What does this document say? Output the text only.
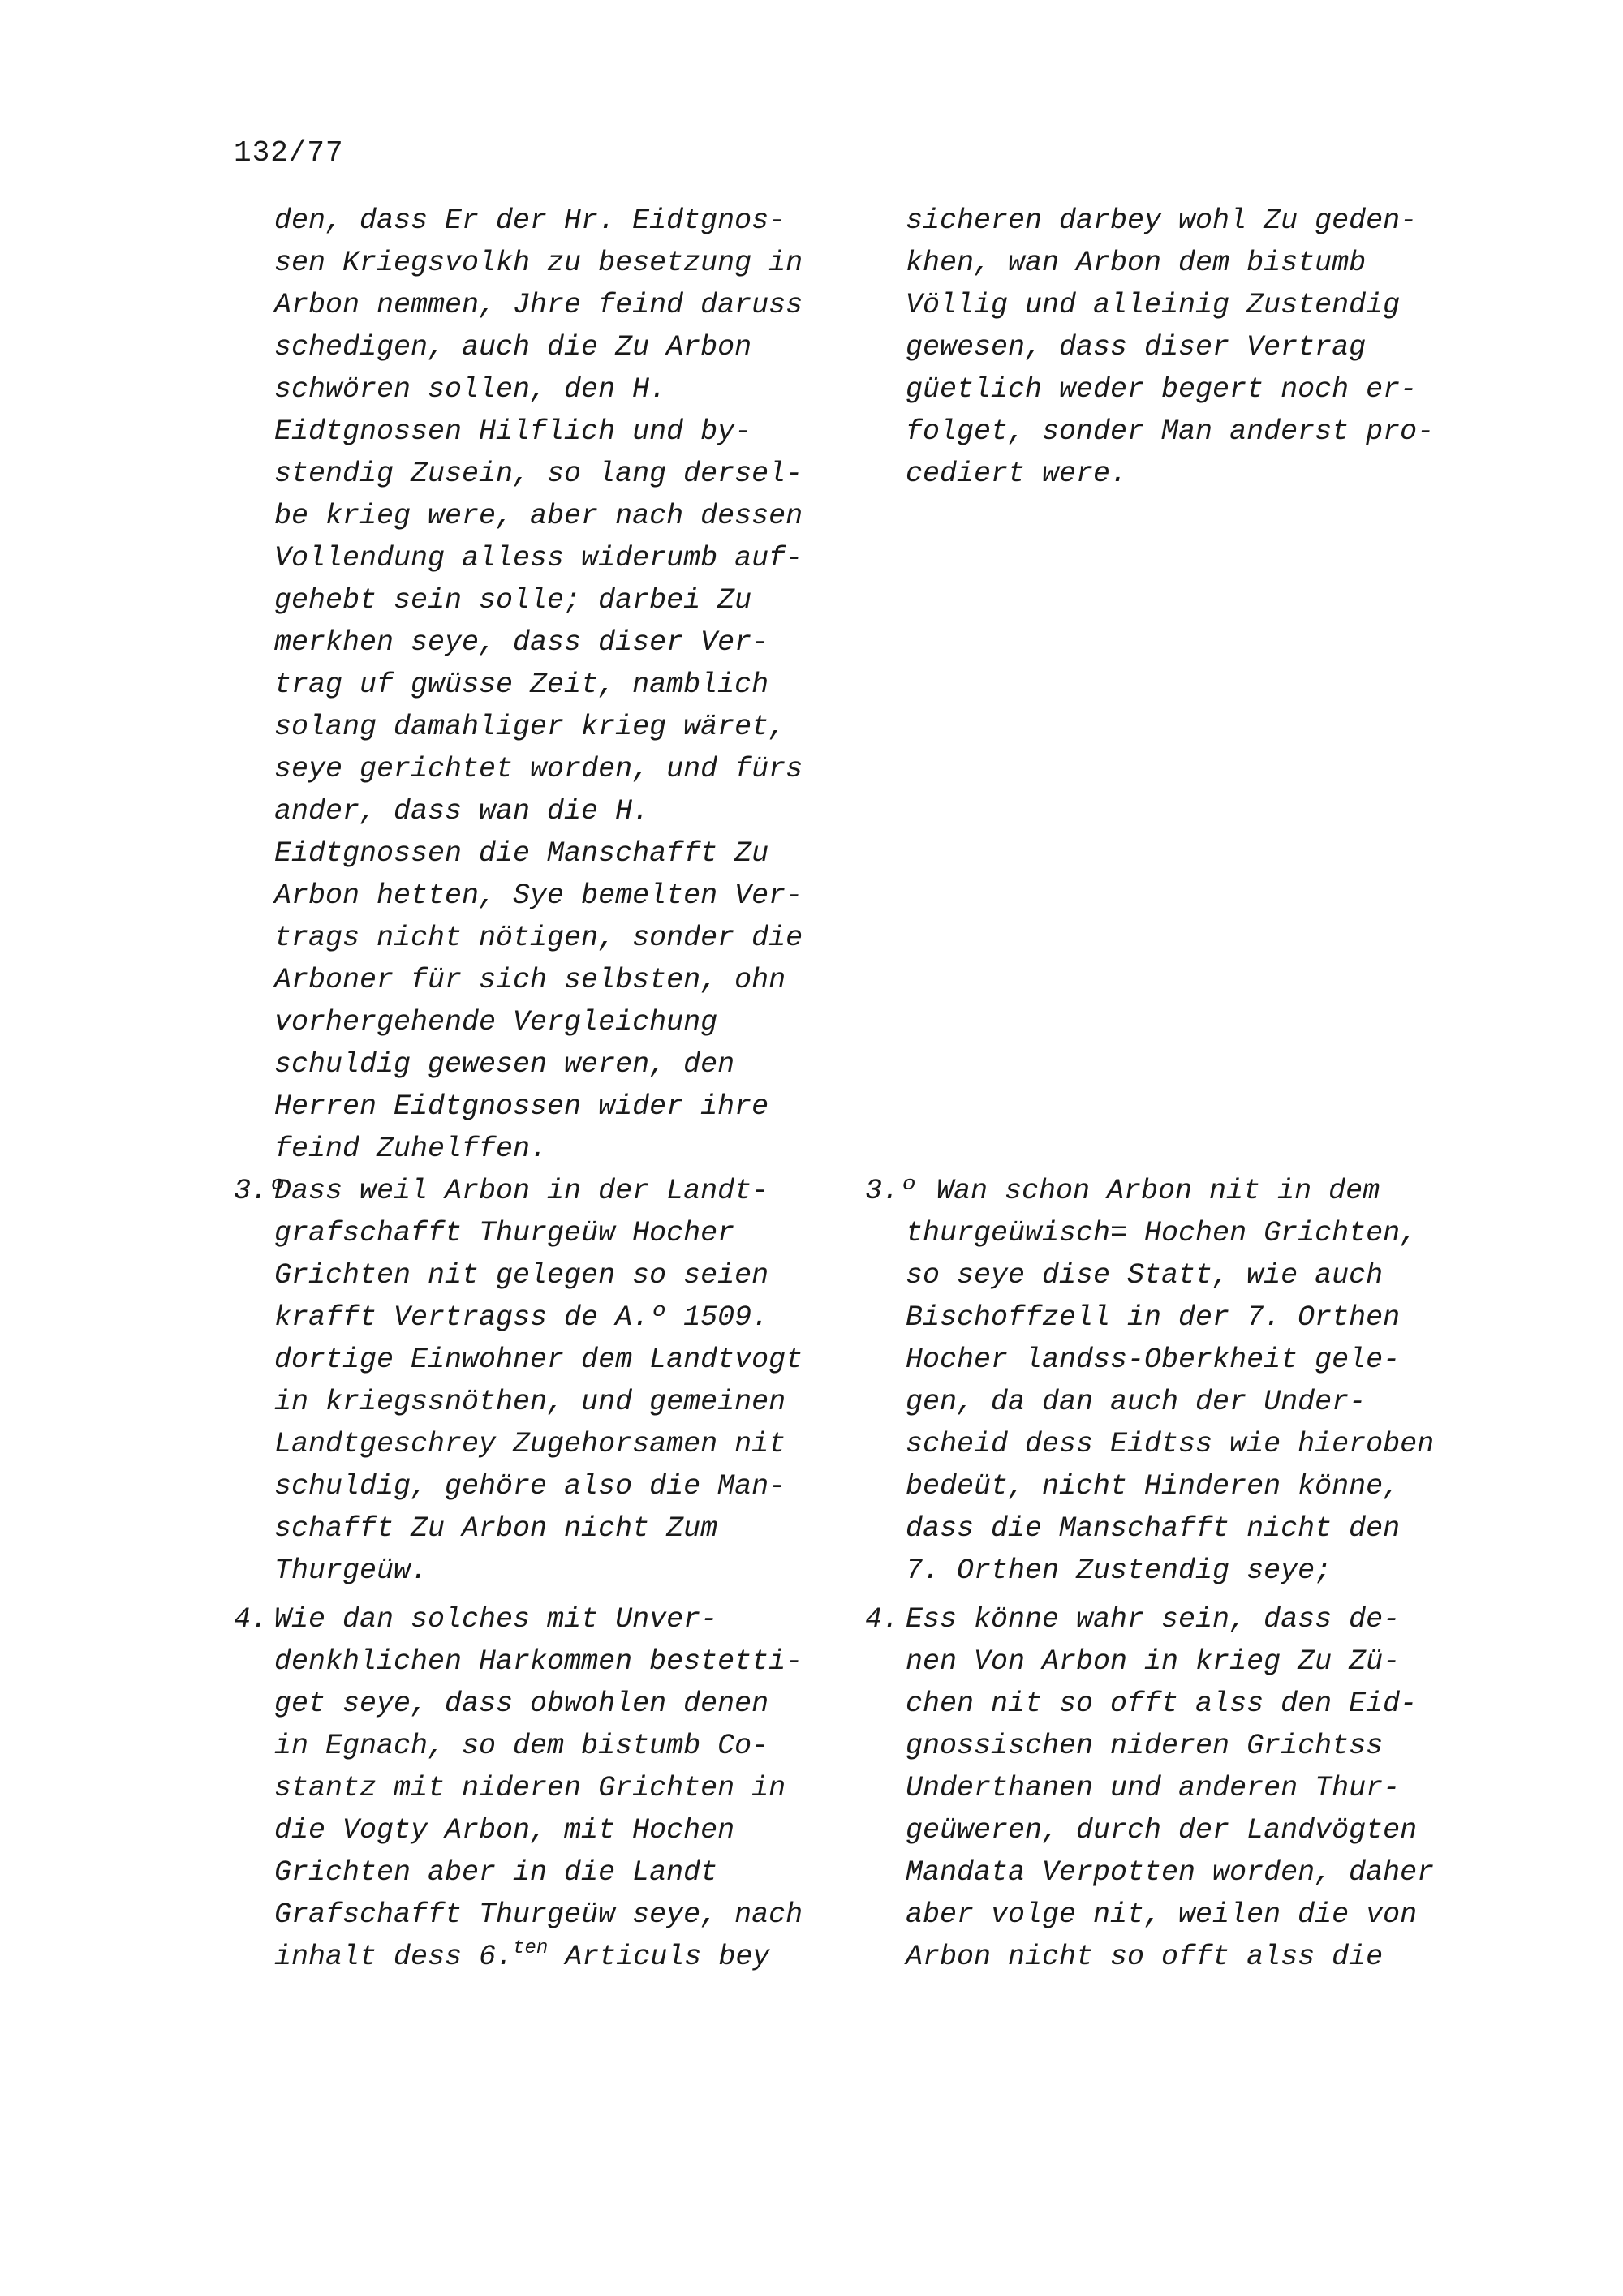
132/77
den, dass Er der Hr. Eidtgnos-
sen Kriegsvolkh zu besetzung in
Arbon nemmen, Jhre feind daruss
schedigen, auch die Zu Arbon
schwören sollen, den H.
Eidtgnossen Hilflich und by-
stendig Zusein, so lang dersel-
be krieg were, aber nach dessen
Vollendung alless widerumb auf-
gehebt sein solle; darbei Zu
merkhen seye, dass diser Ver-
trag uf gwüsse Zeit, namblich
solang damahliger krieg wäret,
seye gerichtet worden, und fürs
ander, dass wan die H.
Eidtgnossen die Manschafft Zu
Arbon hetten, Sye bemelten Ver-
trags nicht nötigen, sonder die
Arboner für sich selbsten, ohn
vorhergehende Vergleichung
schuldig gewesen weren, den
Herren Eidtgnossen wider ihre
feind Zuhelffen.
sicheren darbey wohl Zu geden-
khen, wan Arbon dem bistumb
Völlig und alleinig Zustendig
gewesen, dass diser Vertrag
güetlich weder begert noch er-
folget, sonder Man anderst pro-
cediert were.
3.º
Dass weil Arbon in der Landt-
grafschafft Thurgeüw Hocher
Grichten nit gelegen so seien
krafft Vertragss de A.º 1509.
dortige Einwohner dem Landtvogt
in kriegssnöthen, und gemeinen
Landtgeschrey Zugehorsamen nit
schuldig, gehöre also die Man-
schafft Zu Arbon nicht Zum
Thurgeüw.
3.º Wan schon Arbon nit in dem
thurgeüwisch= Hochen Grichten,
so seye dise Statt, wie auch
Bischoffzell in der 7. Orthen
Hocher landss-Oberkheit gele-
gen, da dan auch der Under-
scheid dess Eidtss wie hieroben
bedeüt, nicht Hinderen könne,
dass die Manschafft nicht den
7. Orthen Zustendig seye;
4. Wie dan solches mit Unver-
denkhlichen Harkommen bestetti-
get seye, dass obwohlen denen
in Egnach, so dem bistumb Co-
stantz mit nideren Grichten in
die Vogty Arbon, mit Hochen
Grichten aber in die Landt
Grafschafft Thurgeüw seye, nach
inhalt dess 6.$^{ten}$ Articuls bey
4. Ess könne wahr sein, dass de-
nen Von Arbon in krieg Zu Zü-
chen nit so offt alss den Eid-
gnossischen nideren Grichtss
Underthanen und anderen Thur-
geüweren, durch der Landvögten
Mandata Verpotten worden, daher
aber volge nit, weilen die von
Arbon nicht so offt alss die
